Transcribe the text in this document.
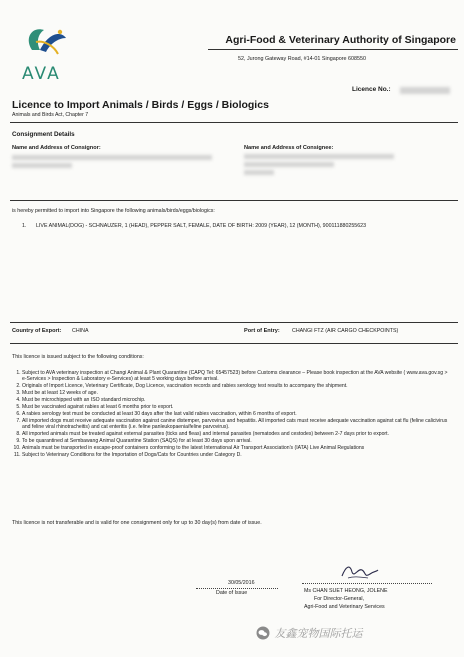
AVA
Agri-Food & Veterinary Authority of Singapore
52, Jurong Gateway Road, #14-01 Singapore 608550
Licence No.:
Licence to Import Animals / Birds / Eggs / Biologics
Animals and Birds Act, Chapter 7
Consignment Details
Name and Address of Consignor:	Name and Address of Consignee:
is hereby permitted to import into Singapore the following animals/birds/eggs/biologics:
1. LIVE ANIMAL(DOG) - SCHNAUZER, 1 (HEAD), PEPPER SALT, FEMALE, DATE OF BIRTH: 2009 (YEAR), 12 (MONTH), 900111880255623
Country of Export: CHINA	Port of Entry: CHANGI FTZ (AIR CARGO CHECKPOINTS)
This licence is issued subject to the following conditions:
1. Subject to AVA veterinary inspection at Changi Animal & Plant Quarantine (CAPQ Tel: 65457523) before Customs clearance – Please book inspection at the AVA website ( www.ava.gov.sg > e-Services > Inspection & Laboratory e-Services) at least 5 working days before arrival.
2. Originals of Import Licence, Veterinary Certificate, Dog Licence, vaccination records and rabies serology test results to accompany the shipment.
3. Must be at least 12 weeks of age.
4. Must be microchipped with an ISO standard microchip.
5. Must be vaccinated against rabies at least 6 months prior to export.
6. A rabies serology test must be conducted at least 30 days after the last valid rabies vaccination, within 6 months of export.
7. All imported dogs must receive adequate vaccination against canine distemper, parvovirus and hepatitis. All imported cats must receive adequate vaccination against cat flu (feline calicivirus and feline viral rhinotracheitis) and cat enteritis (i.e. feline panleukopaenia/feline parvovirus).
8. All imported animals must be treated against external parasites (ticks and fleas) and internal parasites (nematodes and cestodes) between 2-7 days prior to export.
9. To be quarantined at Sembawang Animal Quarantine Station (SAQS) for at least 30 days upon arrival.
10. Animals must be transported in escape-proof containers conforming to the latest International Air Transport Association's (IATA) Live Animal Regulations
11. Subject to Veterinary Conditions for the Importation of Dogs/Cats for Countries under Category D.
This licence is not transferable and is valid for one consignment only for up to 30 day(s) from date of issue.
30/05/2016
Date of Issue	Ms CHAN SUET HEONG, JOLENE
For Director-General,
Agri-Food and Veterinary Services
友鑫宠物国际托运
